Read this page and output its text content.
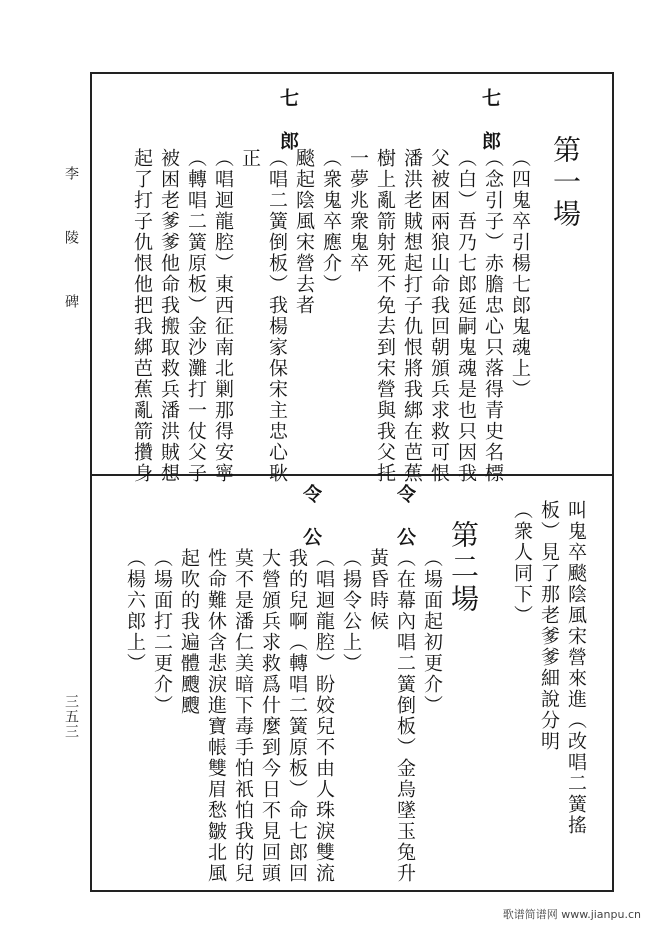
李陵碑
三五三
第一場
七郎
七郎
（四鬼卒引楊七郎鬼魂上）
（念引子）赤膽忠心只落得青史名標
（白）吾乃七郎延嗣鬼魂是也只因我
父被困兩狼山命我回朝頒兵求救可恨
潘洪老賊想起打子仇恨將我綁在芭蕉
樹上亂箭射死不免去到宋營與我父托
一夢兆衆鬼卒
（衆鬼卒應介）
颷起陰風宋營去者
（唱二簧倒板）我楊家保宋主忠心耿
正
（唱迴龍腔）東西征南北剿那得安寧
（轉唱二簧原板）金沙灘打一仗父子
被困老爹爹他命我搬取救兵潘洪賊想
起了打子仇恨他把我綁芭蕉亂箭攢身
叫鬼卒颷陰風宋營來進（改唱二簧搖
板）見了那老爹爹細說分明
（衆人同下）
第二場
令公
令公
（場面起初更介）
（在幕內唱二簧倒板）金烏墜玉兔升
黃昏時候
（揚令公上）
（唱迴龍腔）盼姣兒不由人珠淚雙流
我的兒啊（轉唱二簧原板）命七郎回
大營頒兵求救爲什麼到今日不見回頭
莫不是潘仁美暗下毒手怕祇怕我的兒
性命難休含悲淚進寶帳雙眉愁皺北風
起吹的我遍體颼颼
（場面打二更介）
（楊六郎上）
歌谱简谱网 www.jianpu.cn
